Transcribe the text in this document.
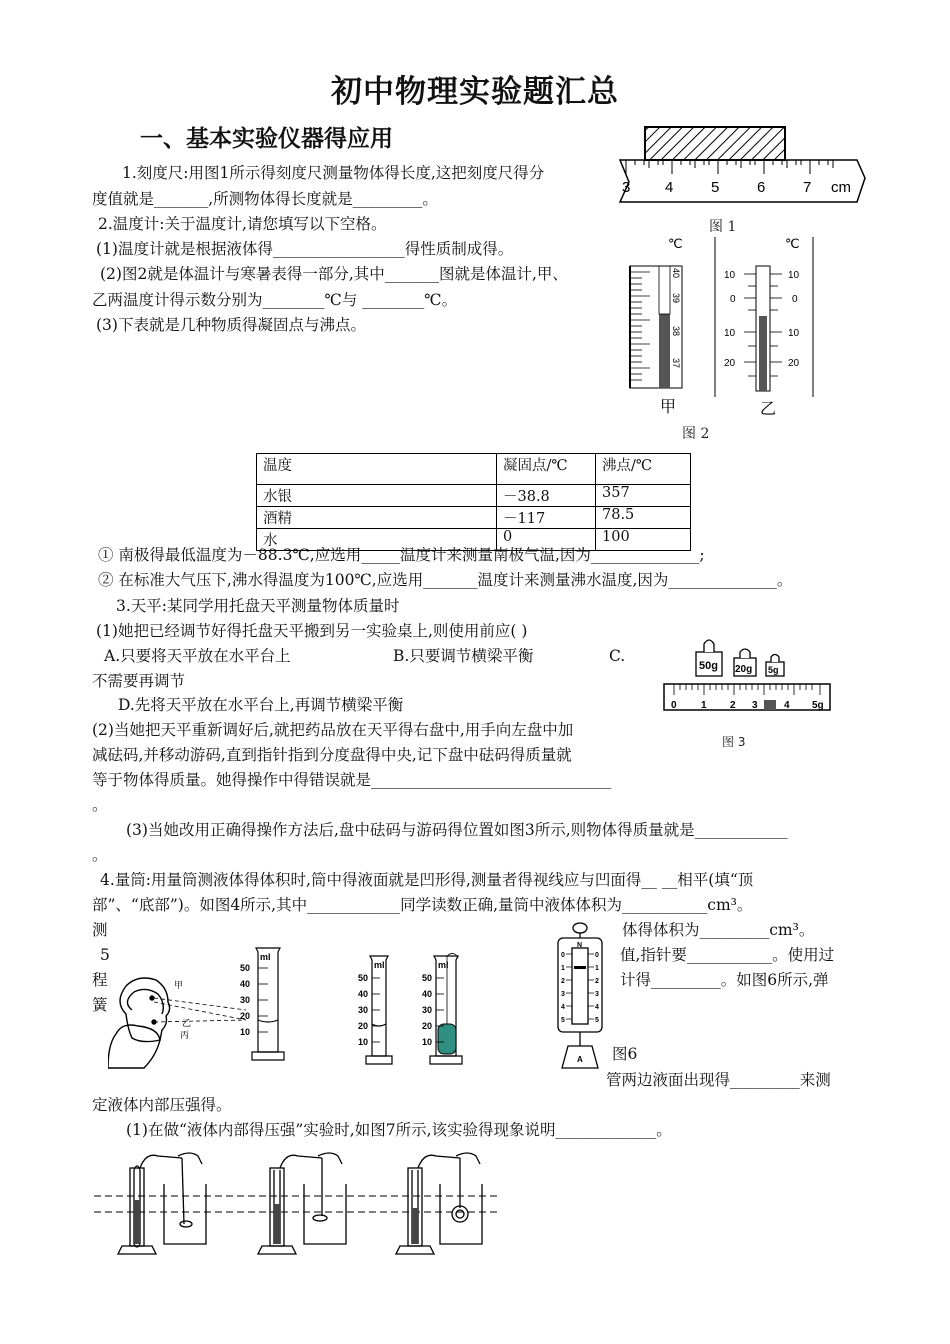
初中物理实验题汇总
一、基本实验仪器得应用
1.刻度尺:用图1所示得刻度尺测量物体得长度,这把刻度尺得分
度值就是_______,所测物体得长度就是_________。
2.温度计:关于温度计,请您填写以下空格。
(1)温度计就是根据液体得_________________得性质制成得。
(2)图2就是体温计与寒暑表得一部分,其中_______图就是体温计,甲、
乙两温度计得示数分别为________℃与 ________℃。
(3)下表就是几种物质得凝固点与沸点。
3 4	5	6	7 cm
图 1
℃	℃
40
39
38
37
10
0
10
20
10
0
10
20
甲	乙
图 2
温度	凝固点/℃	沸点/℃
水银	－38.8	357
酒精	－117	78.5
水	0	100
① 南极得最低温度为－88.3℃,应选用_____温度计来测量南极气温,因为______________;
② 在标准大气压下,沸水得温度为100℃,应选用_______温度计来测量沸水温度,因为______________。
3.天平:某同学用托盘天平测量物体质量时
(1)她把已经调节好得托盘天平搬到另一实验桌上,则使用前应( )
A.只要将天平放在水平台上	B.只要调节横梁平衡	C.
不需要再调节
D.先将天平放在水平台上,再调节横梁平衡
(2)当她把天平重新调好后,就把药品放在天平得右盘中,用手向左盘中加
减砝码,并移动游码,直到指针指到分度盘得中央,记下盘中砝码得质量就
等于物体得质量。她得操作中得错误就是_______________________________
。
(3)当她改用正确得操作方法后,盘中砝码与游码得位置如图3所示,则物体得质量就是____________
。
50g 20g 5g
0 1 2 3	4 5g
图 3
4.量筒:用量筒测液体得体积时,筒中得液面就是凹形得,测量者得视线应与凹面得__ __相平(填“顶
部”、“底部”)。如图4所示,其中____________同学读数正确,量筒中液体体积为___________cm³。
测	体得体积为_________cm³。
5	值,指针要___________。使用过
程	计得_________。如图6所示,弹
簧
图6
甲
乙
丙
ml
50
40
30
20
10
ml
50
40
30
20
10
ml
50
40
30
20
10
N
0
1
2
3
4
5
0
1
2
3
4
5
A
管两边液面出现得_________来测
定液体内部压强得。
(1)在做“液体内部得压强”实验时,如图7所示,该实验得现象说明_____________。
